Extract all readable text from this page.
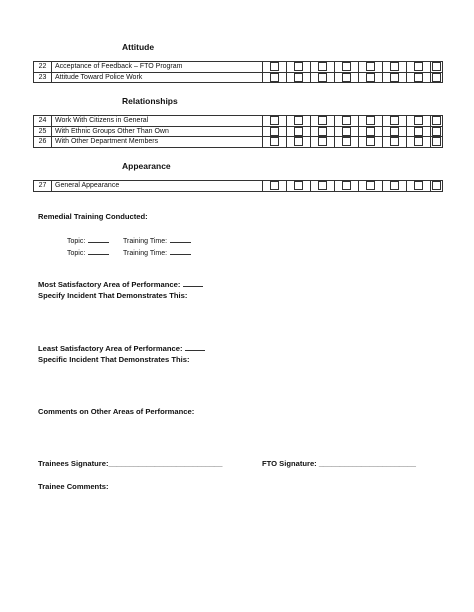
Attitude
22	Acceptance of Feedback – FTO Program								
23	Attitude Toward Police Work								
Relationships
24	Work With Citizens in General								
25	With Ethnic Groups Other Than Own								
26	With Other Department Members								
Appearance
27	General Appearance								
Remedial Training Conducted:
Topic:	Training Time:
Topic:	Training Time:
Most Satisfactory Area of Performance:
Specify Incident That Demonstrates This:
Least Satisfactory Area of Performance:
Specific Incident That Demonstrates This:
Comments on Other Areas of Performance:
Trainees Signature:___________________________	FTO Signature: _______________________
Trainee Comments:
